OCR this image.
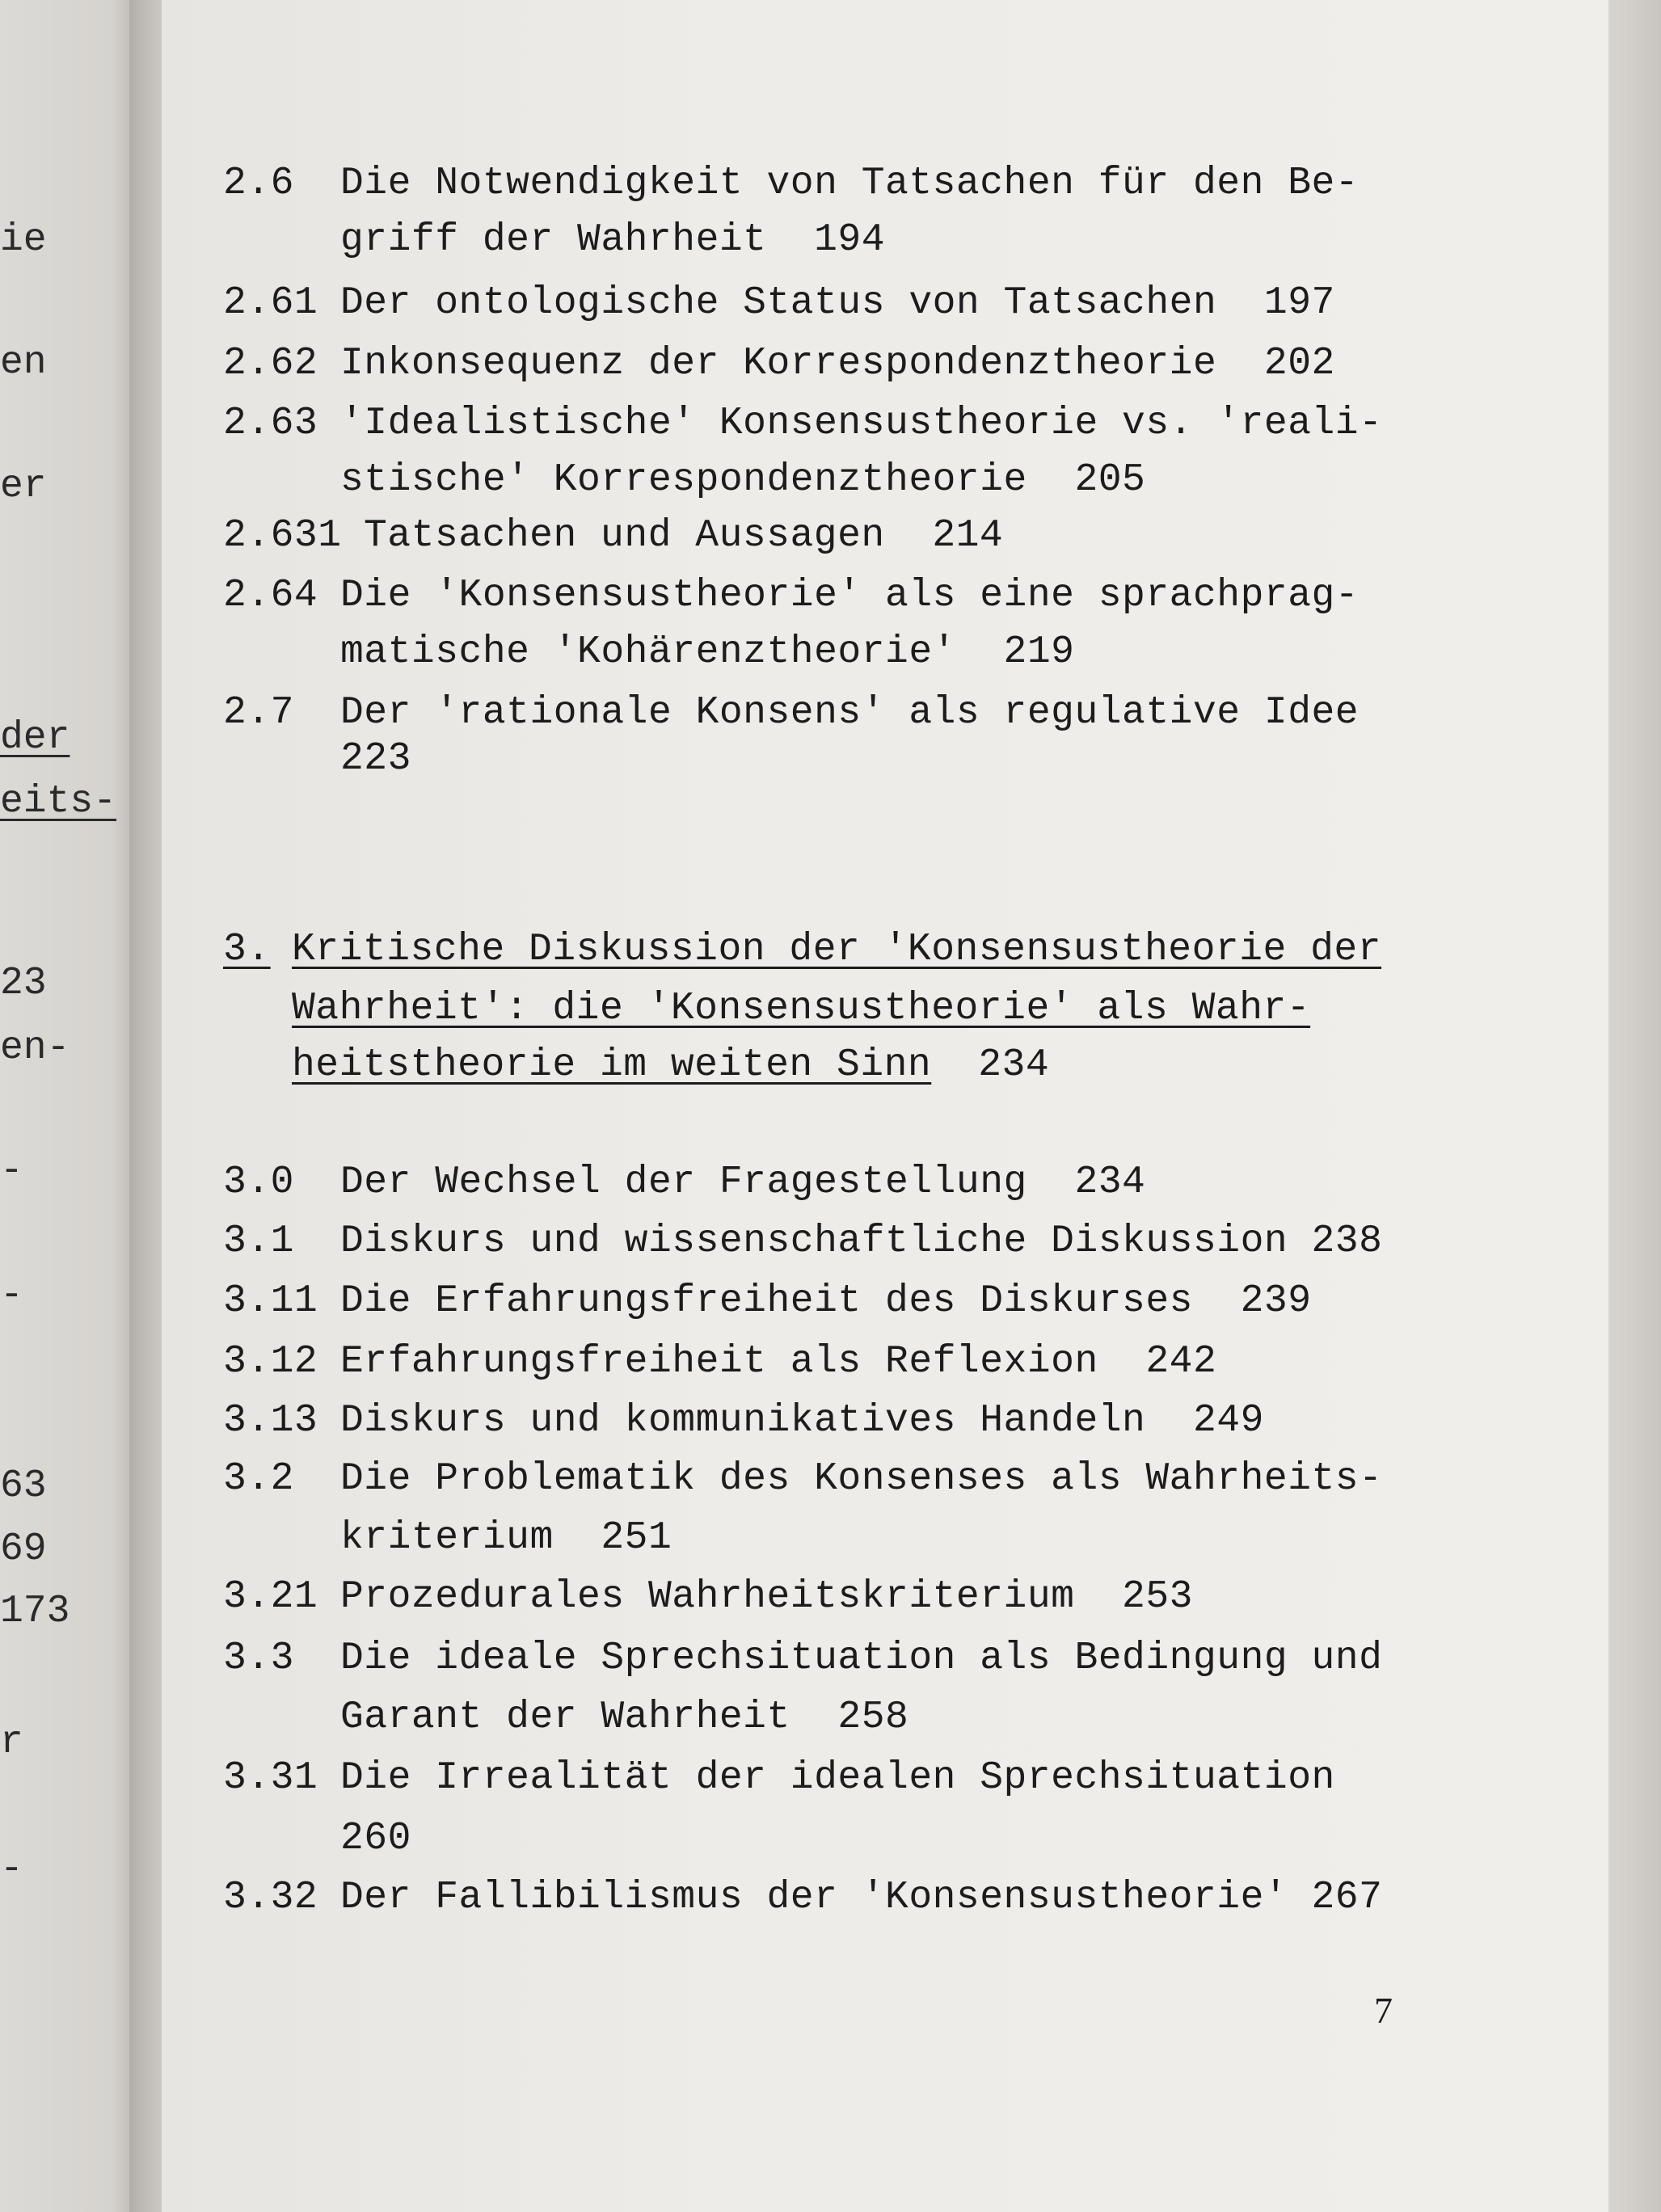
ie
en
er
der
eits-
23
en-
-
-
63
69
173
r
-
2.6 Die Notwendigkeit von Tatsachen für den Be-
griff der Wahrheit  194
2.61 Der ontologische Status von Tatsachen  197
2.62 Inkonsequenz der Korrespondenztheorie  202
2.63 'Idealistische' Konsensustheorie vs. 'reali-
stische' Korrespondenztheorie  205
2.631 Tatsachen und Aussagen  214
2.64 Die 'Konsensustheorie' als eine sprachprag-
matische 'Kohärenztheorie'  219
2.7 Der 'rationale Konsens' als regulative Idee
223
3. Kritische Diskussion der 'Konsensustheorie der
Wahrheit': die 'Konsensustheorie' als Wahr-
heitstheorie im weiten Sinn 234
3.0 Der Wechsel der Fragestellung  234
3.1 Diskurs und wissenschaftliche Diskussion 238
3.11 Die Erfahrungsfreiheit des Diskurses  239
3.12 Erfahrungsfreiheit als Reflexion  242
3.13 Diskurs und kommunikatives Handeln  249
3.2 Die Problematik des Konsenses als Wahrheits-
kriterium  251
3.21 Prozedurales Wahrheitskriterium  253
3.3 Die ideale Sprechsituation als Bedingung und
Garant der Wahrheit  258
3.31 Die Irrealität der idealen Sprechsituation
260
3.32 Der Fallibilismus der 'Konsensustheorie' 267
7
